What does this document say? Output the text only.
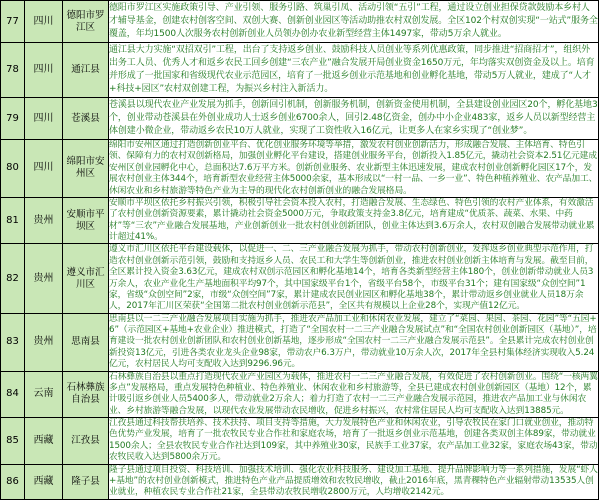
77	四川	德阳市罗江区	德阳市罗江区实施政策引导、产业引领、服务引路、筑巢引凤、活动引领“五引”工程，通过设立创业担保贷款鼓励本乡村人才辅导基金，创建农村创客空间、双创大赛、创新创业园区等活动助推农村双创发展。全区102个村双创实现“一站式”服务全覆盖，年均1500人次服务农村创新创业人员领办创办农业新型经营主体1497家，带动5万余人就业。

78	四川	通江县	通江县大力实施“双招双引”工程，出台了支持返乡创业、鼓励科技人员创业等系列优惠政策，同步推进“招商招才”，组织外出务工人员、优秀人才和返乡农民工回乡创建“三农产业”融合发展开局创业资金1650万元，年均落实双创资金及以上。培育并形成了一批国家和省级现代农业示范园区，培育了一批返乡创业示范基地和创业孵化基地，带动5万人就业，建成了“人才+科技+园区”农村双创建工程，为振兴乡村注入新活力。

79	四川	苍溪县	苍溪县以现代农业产业发展为抓手，创新回引机制，创新服务机制，创新资金使用机制，全县建设创业园区20个，孵化基地3个，创业带动苍溪县在外创业成功人士返乡创业6700余人，回引2.48亿资金，创办中小企业483家，返乡人员以新型经营主体创建小微企业，带动返乡农民10万人就业，实现了工资性收入16亿元，让更多人在家乡实现了“创业梦”。

80	四川	绵阳市安州区	绵阳市安州区通过打造创新创业平台、优化创业服务环境等举措，激发农村创业创新活力，形成融合发展、主体培育、特色引领、保障有力的农村双创新格局，加强创业孵化平台建设，搭建创业服务平台，创新投入1.85亿元，撬动社会资本2.51亿元建成安州区创业园孵化中心，总面积达7.6万平方米。创新创业服务、农业新型主体迅速发展，建成农村创业创新孵化园区17个，发展农村创业主体344个，培育新型农业经营主体5000余家，基本形成以“一村一品、一乡一业”、特色种植养殖业、农产品加工、休闲农业和乡村旅游等特色产业为主导的现代化农村创新创业的融合发展格局。

81	贵州	安顺市平坝区	安顺市平坝区依托乡村振兴引领，积极引导社会资本投入农村，打造融合发展、生态绿色、特色引领的农村产业体系，有效激活了农村创业创新资源要素，累计撬动社会资金5000万元，争取政策支持金3.8亿元，培育建成“优质茶、蔬菜、水果、中药材”等“三农”产业融合发展基地，产业创新创业一批农村创业创新团队，创业主体达到3.6万余人，农村双创融合发展带动就业累计超过41%。

82	贵州	遵义市汇川区	遵义市汇川区依托平台建设载体，以促进一、二、三产业融合发展为抓手，带动农村创新创业，发挥返乡创业典型示范作用，打造农村创业创新示范引领，鼓励和支持返乡人员、农民工和大学生等创新创业，推进农村创业创新主体培育与发展。截至目前，全区累计投入资金3.63亿元，建成农村双创示范园区和孵化基地14个，培育各类新型经营主体180个，创业创新带动就业人员3万余人，农业产业化生产基地面积平均97个，其中国家级平台1个，省级平台58个，市级平台31个；建有国家级“众创空间”1家，省级“众创空间”2家，市级“众创空间”7家，累计建成农民创业园区和孵化基地38个，累计带动返乡创业就业人员18万余人，2017年汇川区荣获“全国第二批农村创业创新示范县”，全区共有规模以上企业28个，实现产值12亿元。

83	贵州	思南县	思南县以一二三产业融合发展项目实施为抓手，推进农产品加工业和休闲农业发展，建立了“菜园、果园、茶园、花园”等“五园+6”（示范园区+基地+农业企业）推进模式，打造了“全国农村一二三产业融合发展试点”和“全国农村创业创新园区（基地）”，培育建设一批农村创业创新团队和农村创业创新基地，逐步形成“全国农村一二三产业融合发展示范县”。全县累计完成农村创业创新投资13亿元，引进各类农业龙头企业98家，带动农户6.3万户，带动就业10万余人次，2017年全县村集体经济实现收入5.24亿元，农村居民人均可支配收入达到9296.96元。

84	云南	石林彝族自治县	石林彝族自治县以重点打造现代农业产业园区为载体，推进农村一二三产业融合发展，有效促进了农村创新创业。围绕“一核两翼多点”发展格局，重点发展特色种植业、特色养殖业、休闲农业和乡村旅游等，全县已建成农村创业创新园区（基地）12个，累计吸引返乡创业人员5400多人，带动就业2万余人；着力打造了农村一二三产业融合发展示范园，推进农产品加工业与休闲农业、乡村旅游等融合发展，以现代农业发展带动农民增收，促进乡村振兴，农村常住居民人均可支配收入达到13885元。

85	西藏	江孜县	江孜县通过科技帮扶培养、技术扶持、项目支持等措施，大力发展特色产业和休闲农业，引导农牧民在家门口就业创业，推动特色优势产业发展，培育了一批农牧民专业合作社和家庭农场，培育了一批返乡创业示范基地，创建各类双创主体89家，带动就业1500余人；全县农牧民专业合作社达到109家，其中养殖业30家，民族手工业37家，农产品加工业32家，家庭农场43家，带动农牧民收入达到5800余万元。

86	西藏	隆子县	隆子县通过项目投资、科技培训、加强技术培训、强化农业科技服务、建设加工基地、提升品牌影响力等一系列措施，发展“虾人+基地”的农村创业创新模式，推进特色产业产品提质增效和农牧民增收，截止2016年底，黑青稞特色产业辐射带动13535人创业就业，种植农民专业合作社21家，全县带动农牧民增收2800万元，人均增收2142元。
